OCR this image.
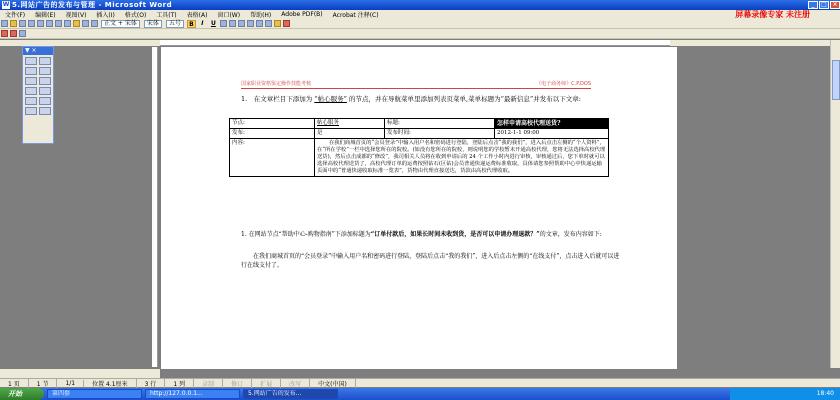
W 5.网站广告的发布与管理 - Microsoft Word	_	□ ×
文件(F)	编辑(E)	视图(V)	插入(I)	格式(O)	工具(T)	表格(A)	窗口(W)	帮助(H)	Adobe PDF(B)	Acrobat 注释(C)	屏幕录像专家 未注册
正文 + 宋体	宋体	五号	B	I	U
▼ ×
国家职业资格鉴定操作技能考核	《电子商务师》C.P.DOS
1.　在文章栏目下添加为 “帖心服务” 的节点，并在导航菜单里添加列表页菜单,菜单标题为“最新信息”并发布以下文章:
节点:	帖心服务	标题:	怎样申请高校代理送货?
发布:	是	发布时间:	2012-1-1 09:00
内容:	在我们商城首页的“会员登录”中输入用户名和密码进行登陆，登陆后点击“我的我们”，进入后点击左侧的“个人资料”，在“所在学校”一栏中选择您所在的院校。(如没有您所在的院校，则说明您的学校暂未开通高校代理，您将无法选择高校代理送货)，然后点击成都的“修改”，我司相关人员将在收到申请后的 24 个工作小时内进行审核，审核通过后，您下单时就可以选择高校代理送货了，高校代理订单的运费按照钻石(区钻)会员普通快递运费标准收取，具体请您参照帮助中心中快递运输页面中的“普通快递收取标准一览表”，货物由代理直接送达，货款由高校代理收取。		
1. 在网站节点“帮助中心-购物指南”下添加标题为“订单付款后，如果长时间未收到货，是否可以申请办理退款？”的文章，发布内容如下:
在我们商城首页的“会员登录”中输入用户名和密码进行登陆，登陆后点击“我的我们”，进入后点击左侧的“在线支付”，点击进入后就可以进行在线支付了。
1 页	1 节	1/1	位置 4.1厘米	3 行	1 列	录制	修订	扩展	改写	中文(中国)
开始	第四套	http://127.0.0.1...	5.网站广告的发布...	18:40
